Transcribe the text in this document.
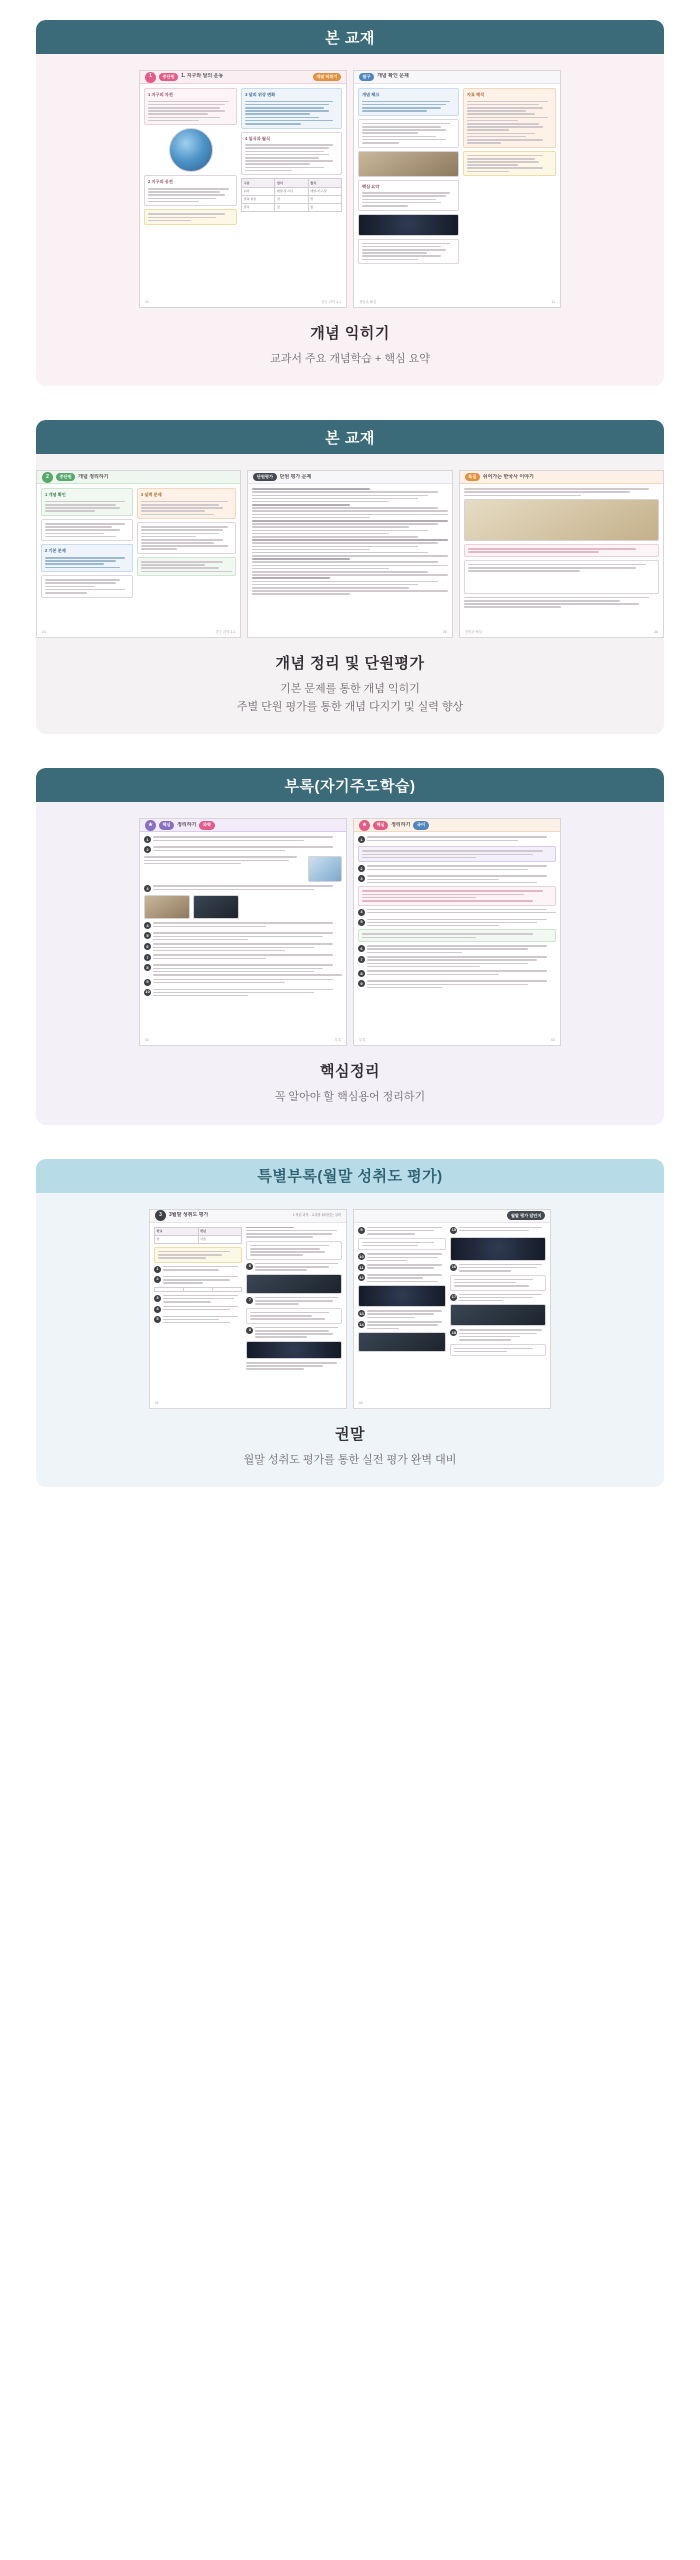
본 교재
1	중단원	1. 지구와 달의 운동	개념 익히기
1 지구의 자전
2 지구의 공전
3 달의 위상 변화
4 일식과 월식
구분	일식	월식
위치	태양-달-지구	태양-지구-달
달의 위상	삭	망
관측	낮	밤
10	중등 과학 3-1
탐구	개념 확인 문제
개념 체크
핵심 요약
자료 해석
정답과 해설	11
개념 익히기
교과서 주요 개념학습 + 핵심 요약
본 교재
2	중단원	개념 정리하기
1 개념 확인
2 기본 문제
3 실력 문제
24	중등 과학 3-1
단원평가	단원 평가 문제
25
특집	쉬어가는 한국사 이야기
정답과 해설	26
개념 정리 및 단원평가
기본 문제를 통한 개념 익히기
주별 단원 평가를 통한 개념 다지기 및 실력 향상
부록(자기주도학습)
★	핵심	정리하기	과학
1
2
3
4
5
6
7
8
9
10
02	부록
★	핵심	정리하기	국어
1
2
3
4
5
6
7
8
9
부록	03
핵심정리
꼭 알아야 할 핵심용어 정리하기
특별부록(월말 성취도 평가)
3	3월말 성취도 평가	1 학년 과목 - 교과를 뛰어넘는 실력
학교	학년
반	이름
1
2
3
4
5
6
7
8
01
월말 평가 답안지
9
10
11
12
13
14
15
16
17
18
02
권말
월말 성취도 평가를 통한 실전 평가 완벽 대비
